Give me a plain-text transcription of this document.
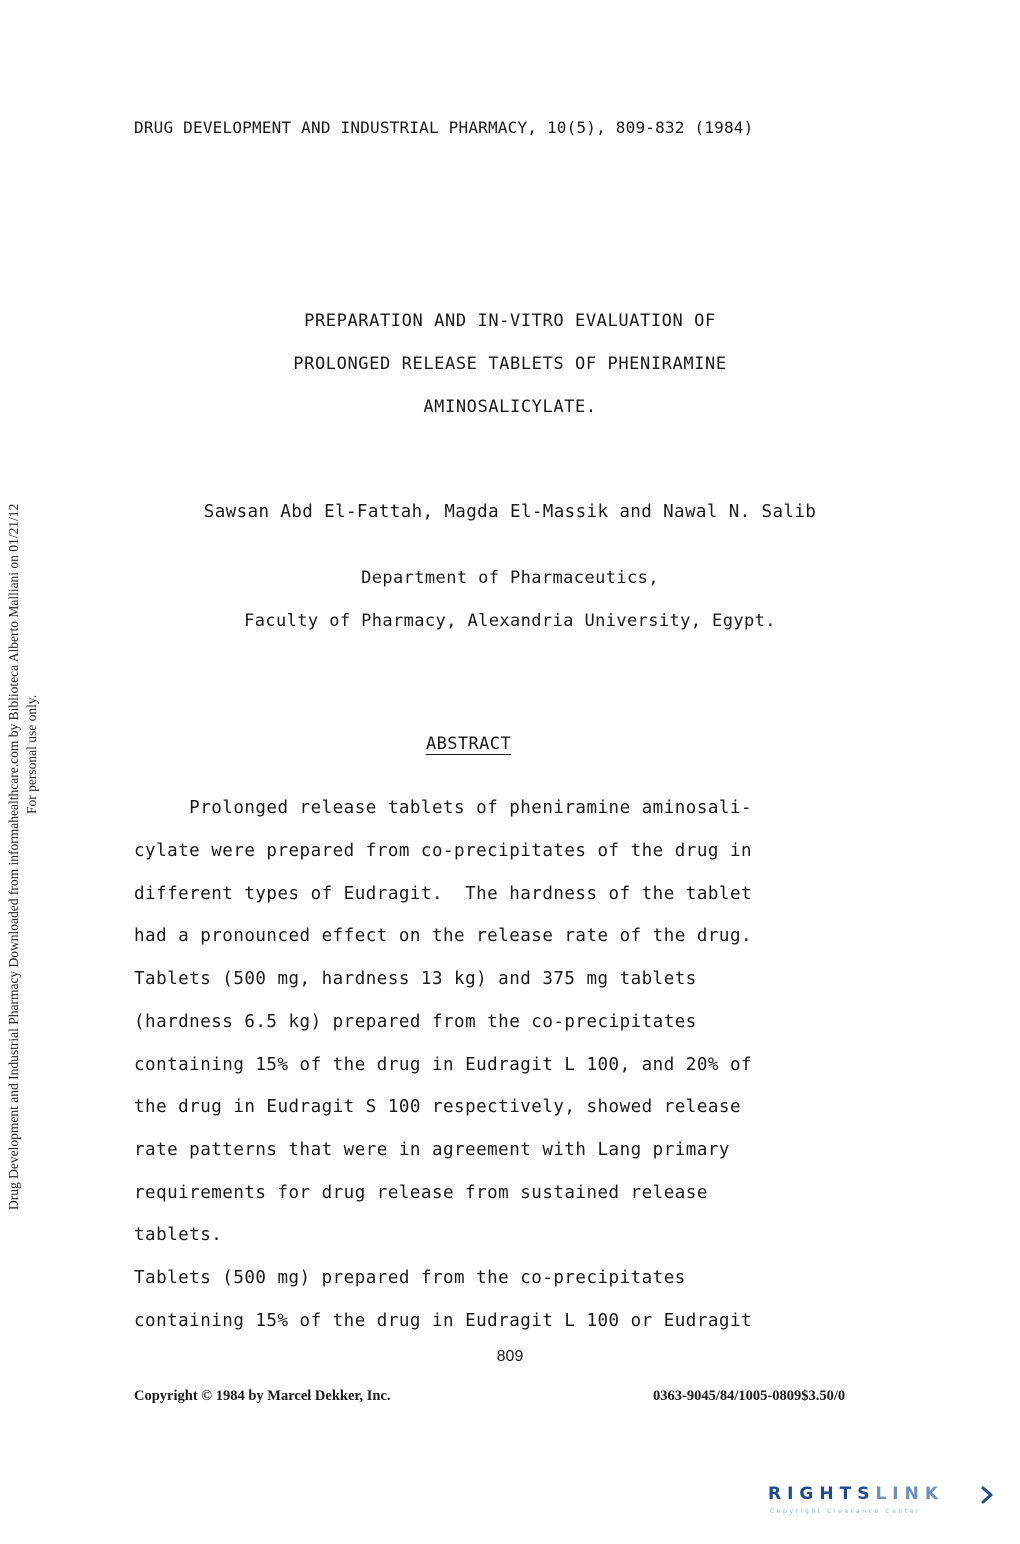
DRUG DEVELOPMENT AND INDUSTRIAL PHARMACY, 10(5), 809-832 (1984)
PREPARATION AND IN-VITRO EVALUATION OF
PROLONGED RELEASE TABLETS OF PHENIRAMINE
AMINOSALICYLATE.
Sawsan Abd El-Fattah, Magda El-Massik and Nawal N. Salib
Department of Pharmaceutics,
Faculty of Pharmacy, Alexandria University, Egypt.
ABSTRACT
Prolonged release tablets of pheniramine aminosali-
cylate were prepared from co-precipitates of the drug in
different types of Eudragit.  The hardness of the tablet
had a pronounced effect on the release rate of the drug.
Tablets (500 mg, hardness 13 kg) and 375 mg tablets
(hardness 6.5 kg) prepared from the co-precipitates
containing 15% of the drug in Eudragit L 100, and 20% of
the drug in Eudragit S 100 respectively, showed release
rate patterns that were in agreement with Lang primary
requirements for drug release from sustained release
tablets.
Tablets (500 mg) prepared from the co-precipitates
containing 15% of the drug in Eudragit L 100 or Eudragit
809
Copyright © 1984 by Marcel Dekker, Inc.	0363-9045/84/1005-0809$3.50/0
Drug Development and Industrial Pharmacy Downloaded from informahealthcare.com by Biblioteca Alberto Malliani on 01/21/12 For personal use only.
RIGHTSLINK
Copyright Clearance Center
